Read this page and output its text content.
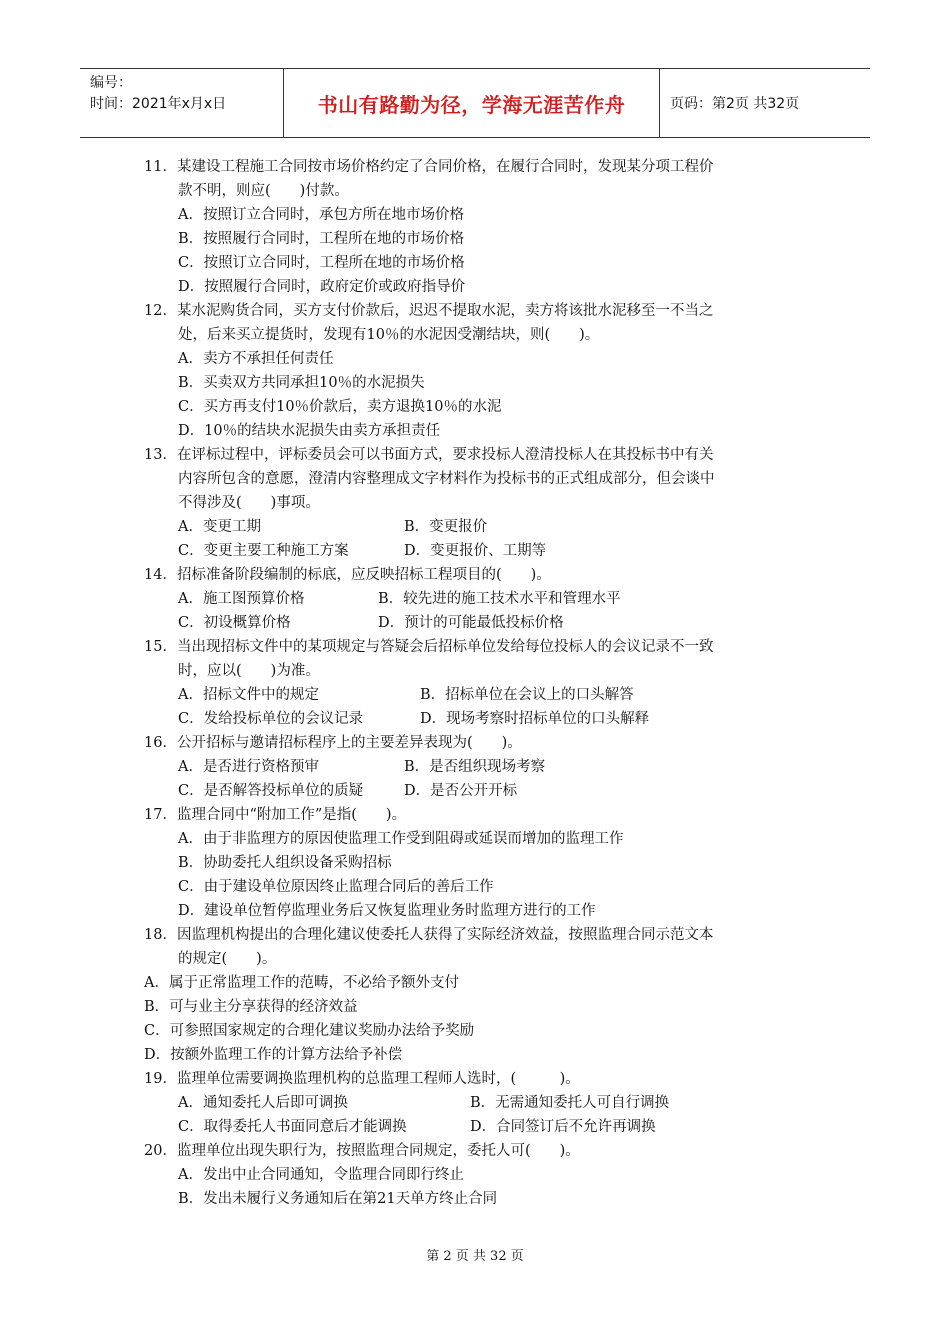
编号：
时间：2021年x月x日	书山有路勤为径，学海无涯苦作舟	页码：第2页 共32页
11．某建设工程施工合同按市场价格约定了合同价格，在履行合同时，发现某分项工程价
款不明，则应(　　)付款。
A．按照订立合同时，承包方所在地市场价格
B．按照履行合同时，工程所在地的市场价格
C．按照订立合同时，工程所在地的市场价格
D．按照履行合同时，政府定价或政府指导价
12．某水泥购货合同，买方支付价款后，迟迟不提取水泥，卖方将该批水泥移至一不当之
处，后来买立提货时，发现有10％的水泥因受潮结块，则(　　)。
A．卖方不承担任何责任
B．买卖双方共同承担10％的水泥损失
C．买方再支付10％价款后，卖方退换10％的水泥
D．10％的结块水泥损失由卖方承担责任
13．在评标过程中，评标委员会可以书面方式，要求投标人澄清投标人在其投标书中有关
内容所包含的意愿，澄清内容整理成文字材料作为投标书的正式组成部分，但会谈中
不得涉及(　　)事项。
A．变更工期	B．变更报价
C．变更主要工种施工方案	D．变更报价、工期等
14．招标准备阶段编制的标底，应反映招标工程项目的(　　)。
A．施工图预算价格	B．较先进的施工技术水平和管理水平
C．初设概算价格	D．预计的可能最低投标价格
15．当出现招标文件中的某项规定与答疑会后招标单位发给每位投标人的会议记录不一致
时，应以(　　)为准。
A．招标文件中的规定	B．招标单位在会议上的口头解答
C．发给投标单位的会议记录	D．现场考察时招标单位的口头解释
16．公开招标与邀请招标程序上的主要差异表现为(　　)。
A．是否进行资格预审	B．是否组织现场考察
C．是否解答投标单位的质疑	D．是否公开开标
17．监理合同中“附加工作”是指(　　)。
A．由于非监理方的原因使监理工作受到阻碍或延误而增加的监理工作
B．协助委托人组织设备采购招标
C．由于建设单位原因终止监理合同后的善后工作
D．建设单位暂停监理业务后又恢复监理业务时监理方进行的工作
18．因监理机构提出的合理化建议使委托人获得了实际经济效益，按照监理合同示范文本
的规定(　　)。
A．属于正常监理工作的范畴，不必给予额外支付
B．可与业主分享获得的经济效益
C．可参照国家规定的合理化建议奖励办法给予奖励
D．按额外监理工作的计算方法给予补偿
19．监理单位需要调换监理机构的总监理工程师人选时，(　　　)。
A．通知委托人后即可调换	B．无需通知委托人可自行调换
C．取得委托人书面同意后才能调换	D．合同签订后不允许再调换
20．监理单位出现失职行为，按照监理合同规定，委托人可(　　)。
A．发出中止合同通知，令监理合同即行终止
B．发出未履行义务通知后在第21天单方终止合同
第 2 页 共 32 页
